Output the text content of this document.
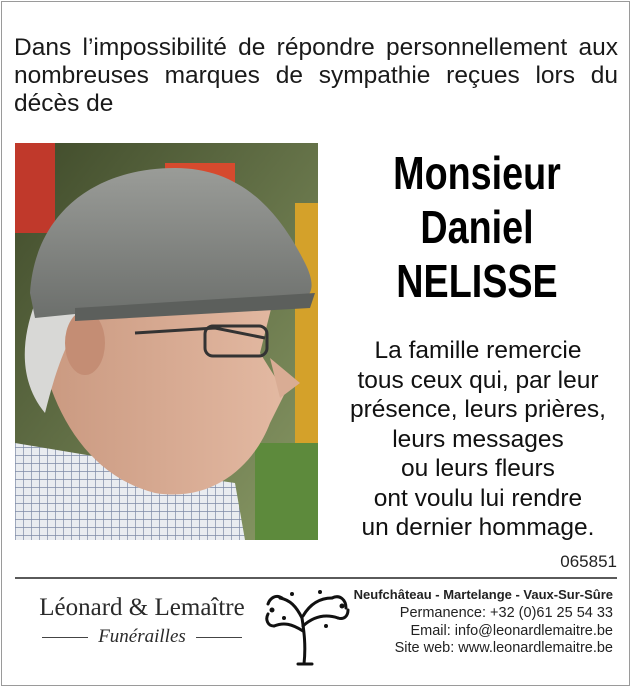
Dans l’impossibilité de répondre personnellement aux nombreuses marques de sympathie reçues lors du décès de
Monsieur
Daniel
NELISSE
La famille remercie
tous ceux qui, par leur
présence, leurs prières,
leurs messages
ou leurs fleurs
ont voulu lui rendre
un dernier hommage.
065851
Léonard & Lemaître
Funérailles
Neufchâteau - Martelange - Vaux-Sur-Sûre
Permanence: +32 (0)61 25 54 33
Email: info@leonardlemaitre.be
Site web: www.leonardlemaitre.be
